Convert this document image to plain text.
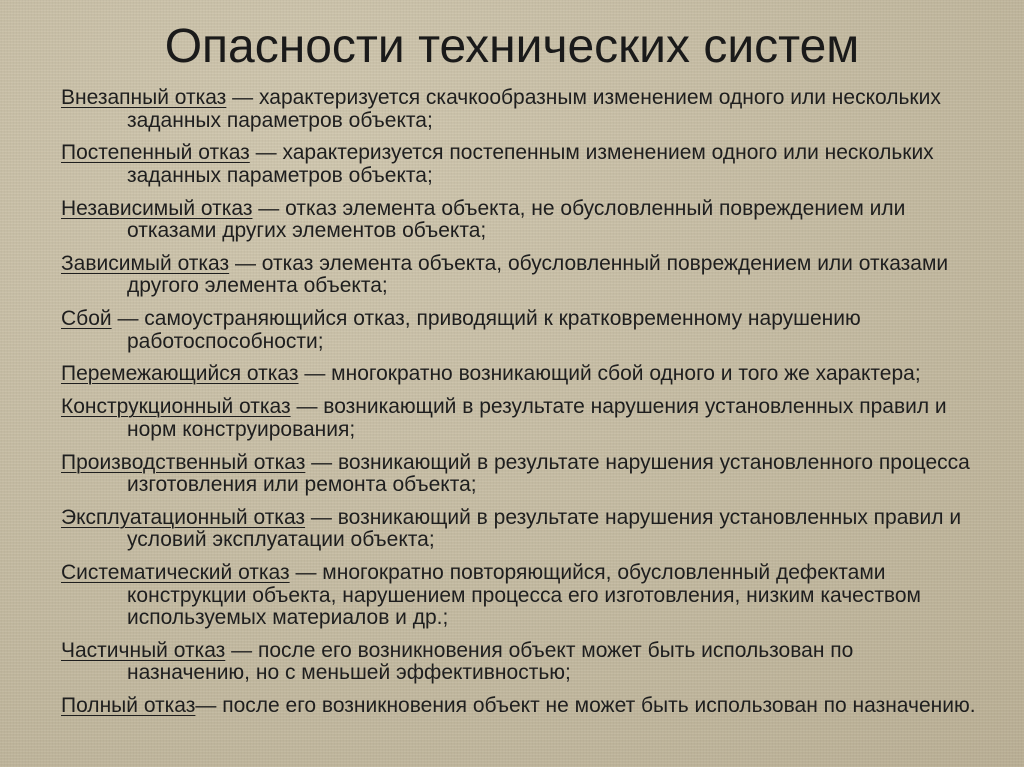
Опасности технических систем
Внезапный отказ — характеризуется скачкообразным изменением одного или нескольких заданных параметров объекта;
Постепенный отказ — характеризуется постепенным изменением одного или нескольких заданных параметров объекта;
Независимый отказ — отказ элемента объекта, не обусловленный повреждением или отказами других элементов объекта;
Зависимый отказ — отказ элемента объекта, обусловленный повреждением или отказами другого элемента объекта;
Сбой — самоустраняющийся отказ, приводящий к кратковременному нарушению работоспособности;
Перемежающийся отказ — многократно возникающий сбой одного и того же характера;
Конструкционный отказ — возникающий в результате нарушения установленных правил и норм конструирования;
Производственный отказ — возникающий в результате нарушения установленного процесса изготовления или ремонта объекта;
Эксплуатационный отказ — возникающий в результате нарушения установленных правил и условий эксплуатации объекта;
Систематический отказ — многократно повторяющийся, обусловленный дефектами конструкции объекта, нарушением процесса его изготовления, низким качеством используемых материалов и др.;
Частичный отказ — после его возникновения объект может быть использован по назначению, но с меньшей эффективностью;
Полный отказ— после его возникновения объект не может быть использован по назначению.
